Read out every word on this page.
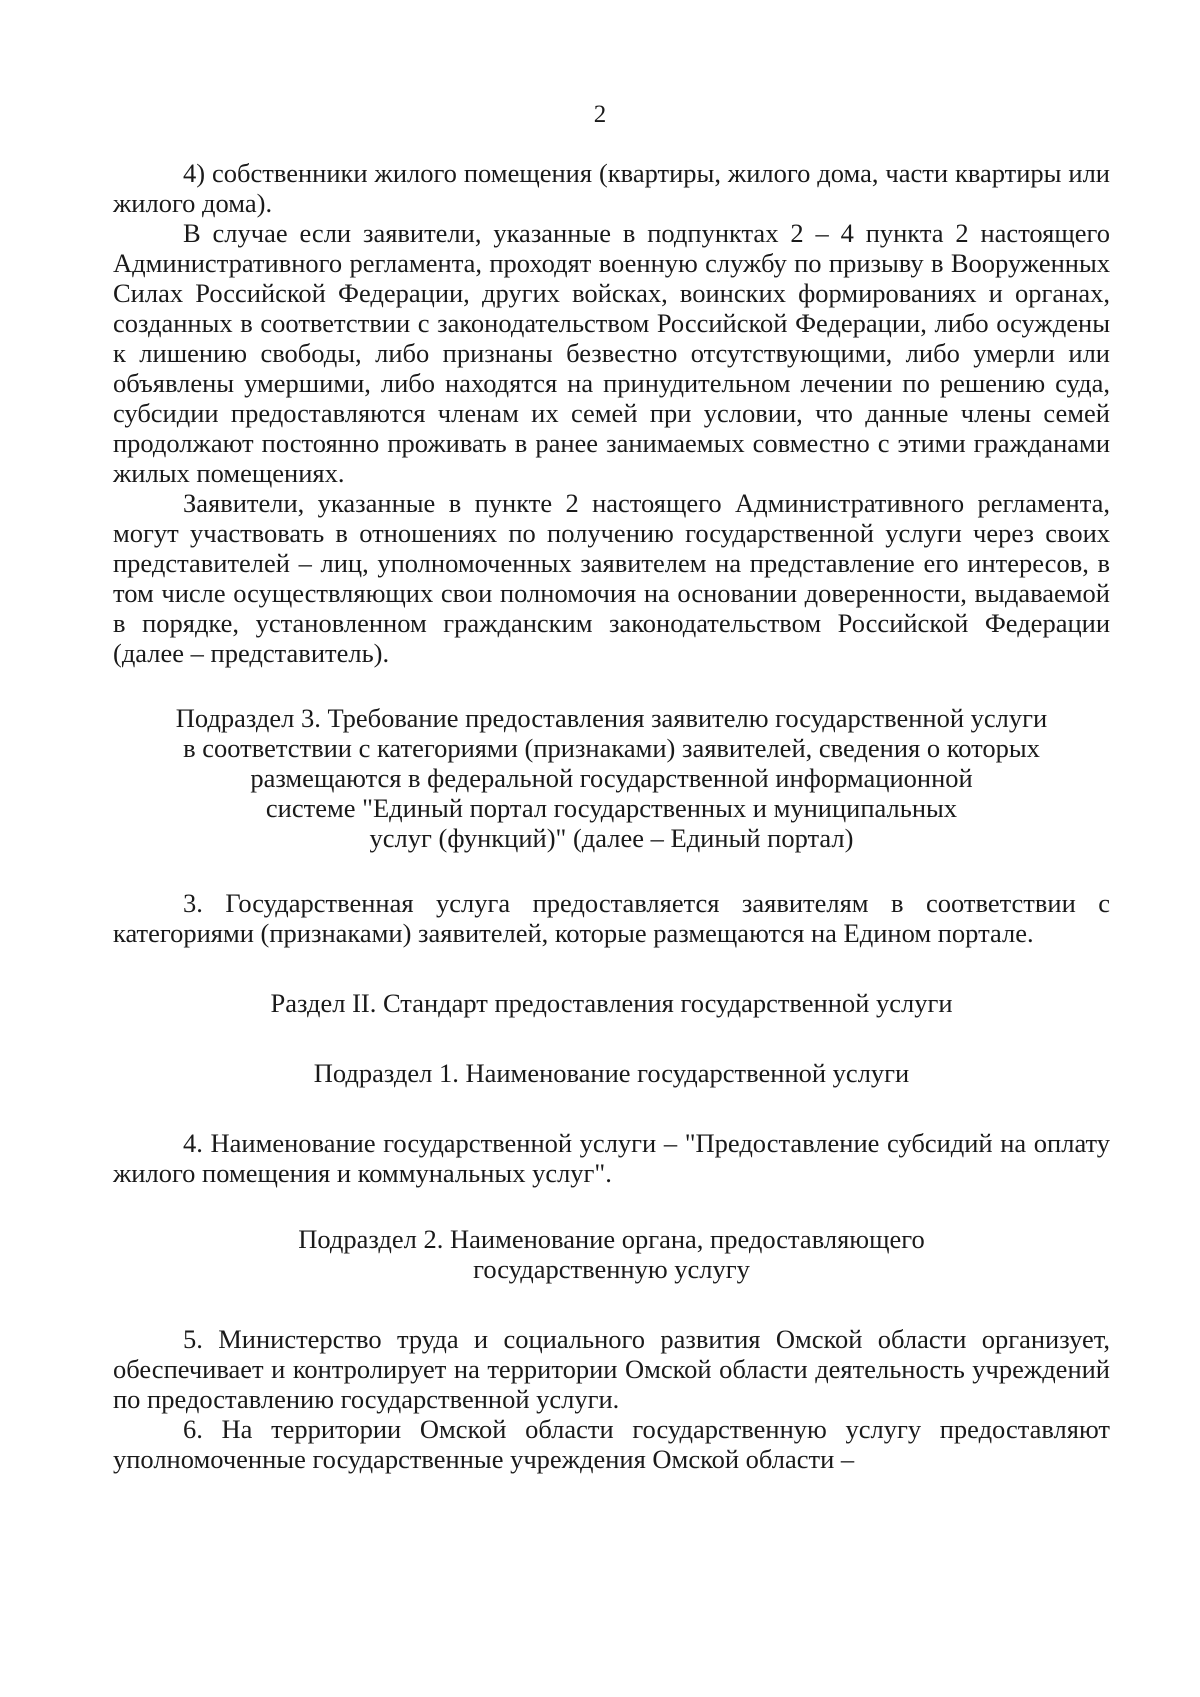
2

4) собственники жилого помещения (квартиры, жилого дома, части квартиры или жилого дома).

В случае если заявители, указанные в подпунктах 2 – 4 пункта 2 настоящего Административного регламента, проходят военную службу по призыву в Вооруженных Силах Российской Федерации, других войсках, воинских формированиях и органах, созданных в соответствии с законодательством Российской Федерации, либо осуждены к лишению свободы, либо признаны безвестно отсутствующими, либо умерли или объявлены умершими, либо находятся на принудительном лечении по решению суда, субсидии предоставляются членам их семей при условии, что данные члены семей продолжают постоянно проживать в ранее занимаемых совместно с этими гражданами жилых помещениях.

Заявители, указанные в пункте 2 настоящего Административного регламента, могут участвовать в отношениях по получению государственной услуги через своих представителей – лиц, уполномоченных заявителем на представление его интересов, в том числе осуществляющих свои полномочия на основании доверенности, выдаваемой в порядке, установленном гражданским законодательством Российской Федерации (далее – представитель).

Подраздел 3. Требование предоставления заявителю государственной услуги
в соответствии с категориями (признаками) заявителей, сведения о которых
размещаются в федеральной государственной информационной
системе "Единый портал государственных и муниципальных
услуг (функций)" (далее – Единый портал)

3. Государственная услуга предоставляется заявителям в соответствии с категориями (признаками) заявителей, которые размещаются на Едином портале.

Раздел II. Стандарт предоставления государственной услуги
Подраздел 1. Наименование государственной услуги

4. Наименование государственной услуги – "Предоставление субсидий на оплату жилого помещения и коммунальных услуг".

Подраздел 2. Наименование органа, предоставляющего
государственную услугу

5. Министерство труда и социального развития Омской области организует, обеспечивает и контролирует на территории Омской области деятельность учреждений по предоставлению государственной услуги.

6. На территории Омской области государственную услугу предоставляют уполномоченные государственные учреждения Омской области –
